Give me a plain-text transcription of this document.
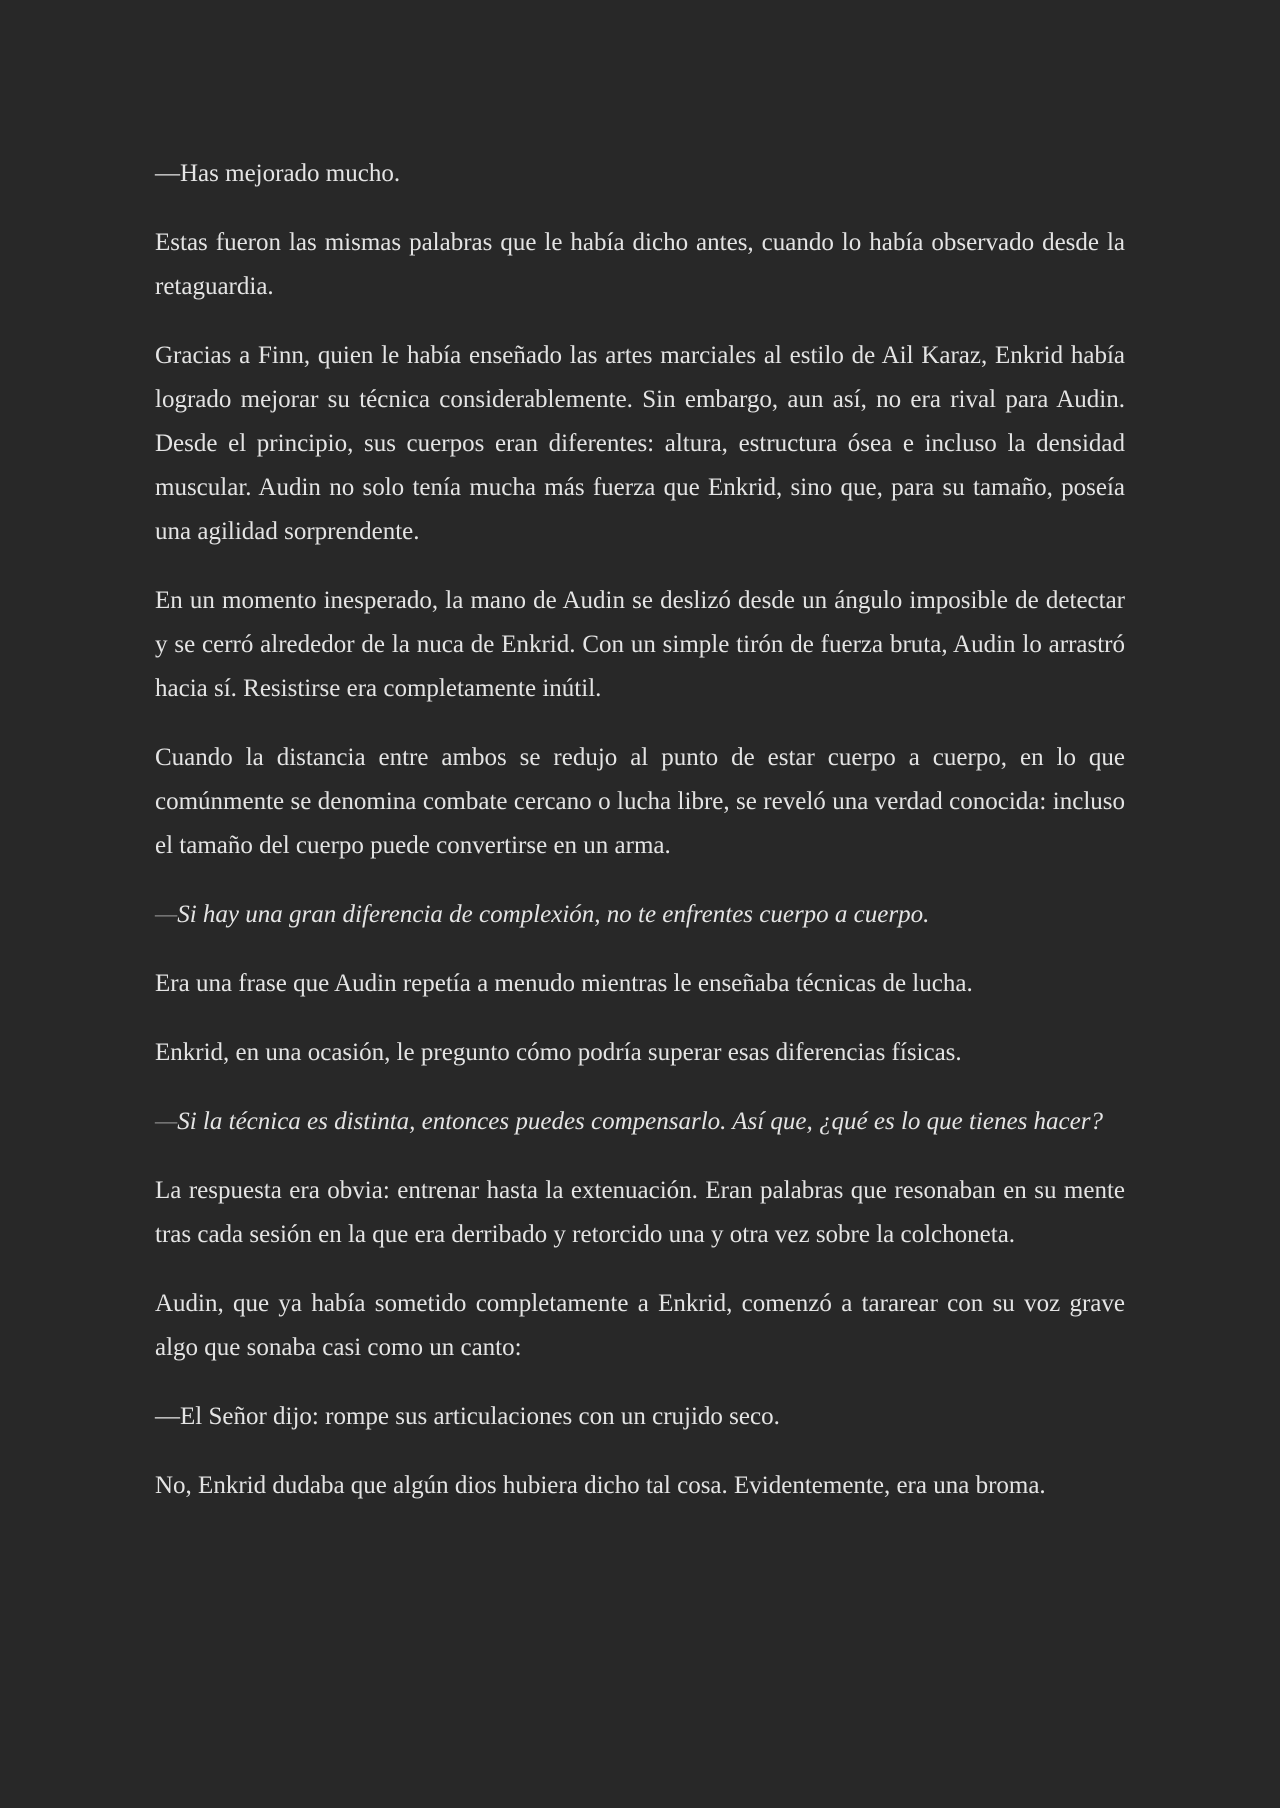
—Has mejorado mucho.

Estas fueron las mismas palabras que le había dicho antes, cuando lo había observado desde la retaguardia.

Gracias a Finn, quien le había enseñado las artes marciales al estilo de Ail Karaz, Enkrid había logrado mejorar su técnica considerablemente. Sin embargo, aun así, no era rival para Audin. Desde el principio, sus cuerpos eran diferentes: altura, estructura ósea e incluso la densidad muscular. Audin no solo tenía mucha más fuerza que Enkrid, sino que, para su tamaño, poseía una agilidad sorprendente.

En un momento inesperado, la mano de Audin se deslizó desde un ángulo imposible de detectar y se cerró alrededor de la nuca de Enkrid. Con un simple tirón de fuerza bruta, Audin lo arrastró hacia sí. Resistirse era completamente inútil.

Cuando la distancia entre ambos se redujo al punto de estar cuerpo a cuerpo, en lo que comúnmente se denomina combate cercano o lucha libre, se reveló una verdad conocida: incluso el tamaño del cuerpo puede convertirse en un arma.

—Si hay una gran diferencia de complexión, no te enfrentes cuerpo a cuerpo.

Era una frase que Audin repetía a menudo mientras le enseñaba técnicas de lucha.

Enkrid, en una ocasión, le pregunto cómo podría superar esas diferencias físicas.

—Si la técnica es distinta, entonces puedes compensarlo. Así que, ¿qué es lo que tienes hacer?

La respuesta era obvia: entrenar hasta la extenuación. Eran palabras que resonaban en su mente tras cada sesión en la que era derribado y retorcido una y otra vez sobre la colchoneta.

Audin, que ya había sometido completamente a Enkrid, comenzó a tararear con su voz grave algo que sonaba casi como un canto:

—El Señor dijo: rompe sus articulaciones con un crujido seco.

No, Enkrid dudaba que algún dios hubiera dicho tal cosa. Evidentemente, era una broma.
